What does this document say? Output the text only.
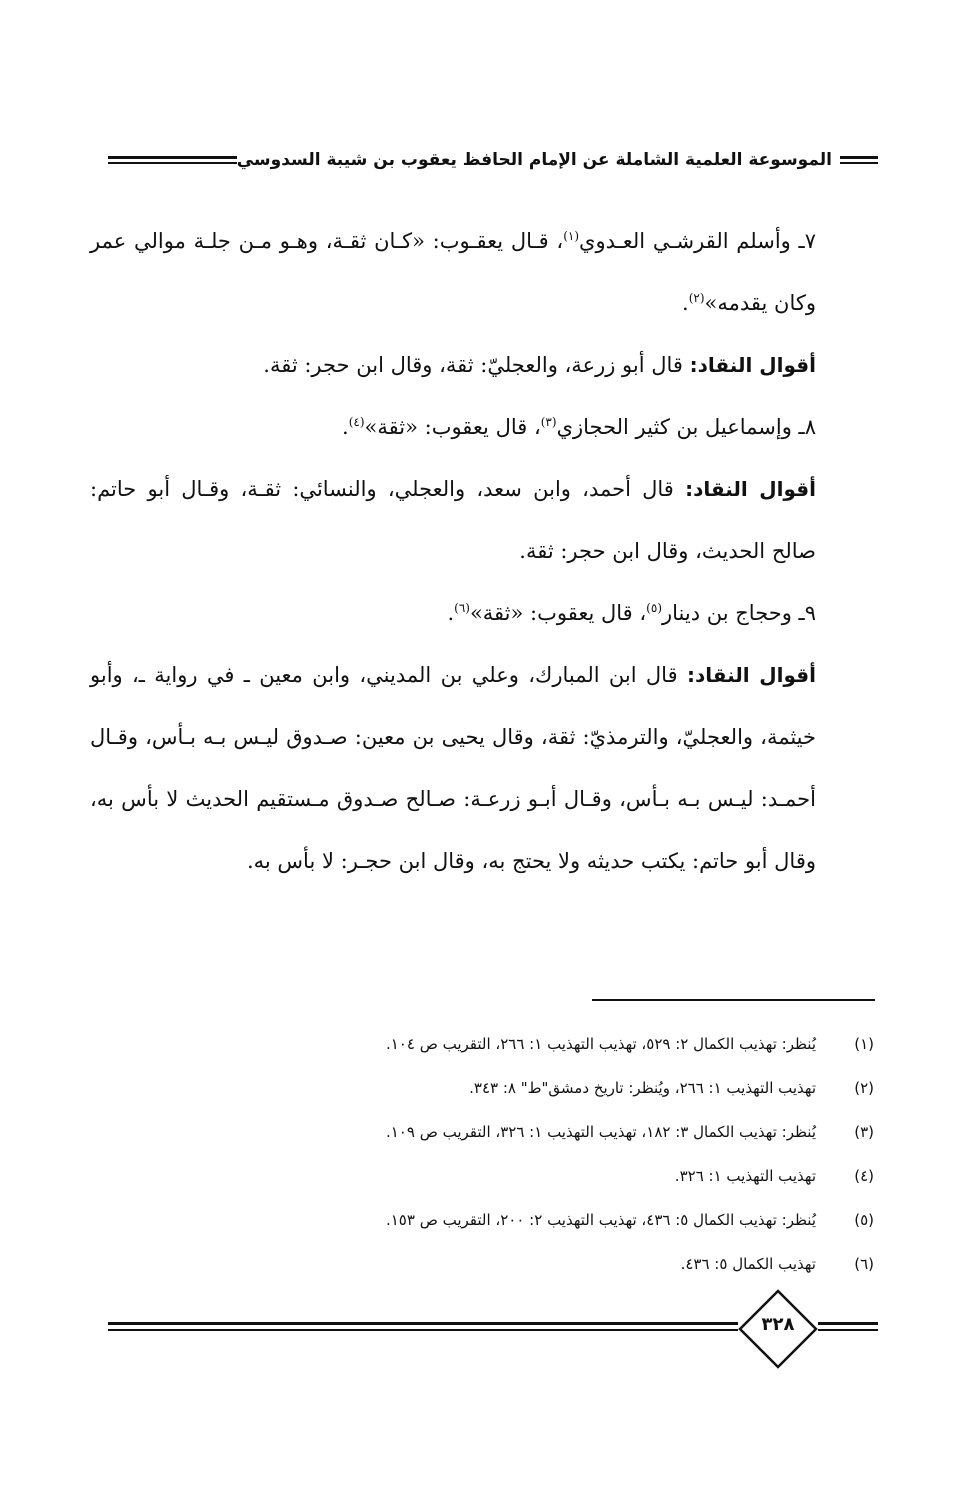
الموسوعة العلمية الشاملة عن الإمام الحافظ يعقوب بن شيبة السدوسي

٧ـ وأسلم القرشـي العـدوي$^{(١)}$، قـال يعقـوب: «كـان ثقـة، وهـو مـن جلـة موالي عمر وكان يقدمه»$^{(٢)}$.

أقوال النقاد: قال أبو زرعة، والعجليّ: ثقة، وقال ابن حجر: ثقة.

٨ـ وإسماعيل بن كثير الحجازي$^{(٣)}$، قال يعقوب: «ثقة»$^{(٤)}$.

أقوال النقاد: قال أحمد، وابن سعد، والعجلي، والنسائي: ثقـة، وقـال أبو حاتم: صالح الحديث، وقال ابن حجر: ثقة.

٩ـ وحجاج بن دينار$^{(٥)}$، قال يعقوب: «ثقة»$^{(٦)}$.

أقوال النقاد: قال ابن المبارك، وعلي بن المديني، وابن معين ـ في رواية ـ، وأبو خيثمة، والعجليّ، والترمذيّ: ثقة، وقال يحيى بن معين: صـدوق ليـس بـه بـأس، وقـال أحمـد: ليـس بـه بـأس، وقـال أبـو زرعـة: صـالح صـدوق مـستقيم الحديث لا بأس به، وقال أبو حاتم: يكتب حديثه ولا يحتج به، وقال ابن حجـر: لا بأس به.

(١)
يُنظر: تهذيب الكمال ٢: ٥٢٩، تهذيب التهذيب ١: ٢٦٦، التقريب ص ١٠٤.
(٢)
تهذيب التهذيب ١: ٢٦٦، ويُنظر: تاريخ دمشق"ط" ٨: ٣٤٣.
(٣)
يُنظر: تهذيب الكمال ٣: ١٨٢، تهذيب التهذيب ١: ٣٢٦، التقريب ص ١٠٩.
(٤)
تهذيب التهذيب ١: ٣٢٦.
(٥)
يُنظر: تهذيب الكمال ٥: ٤٣٦، تهذيب التهذيب ٢: ٢٠٠، التقريب ص ١٥٣.
(٦)
تهذيب الكمال ٥: ٤٣٦.
٣٢٨
